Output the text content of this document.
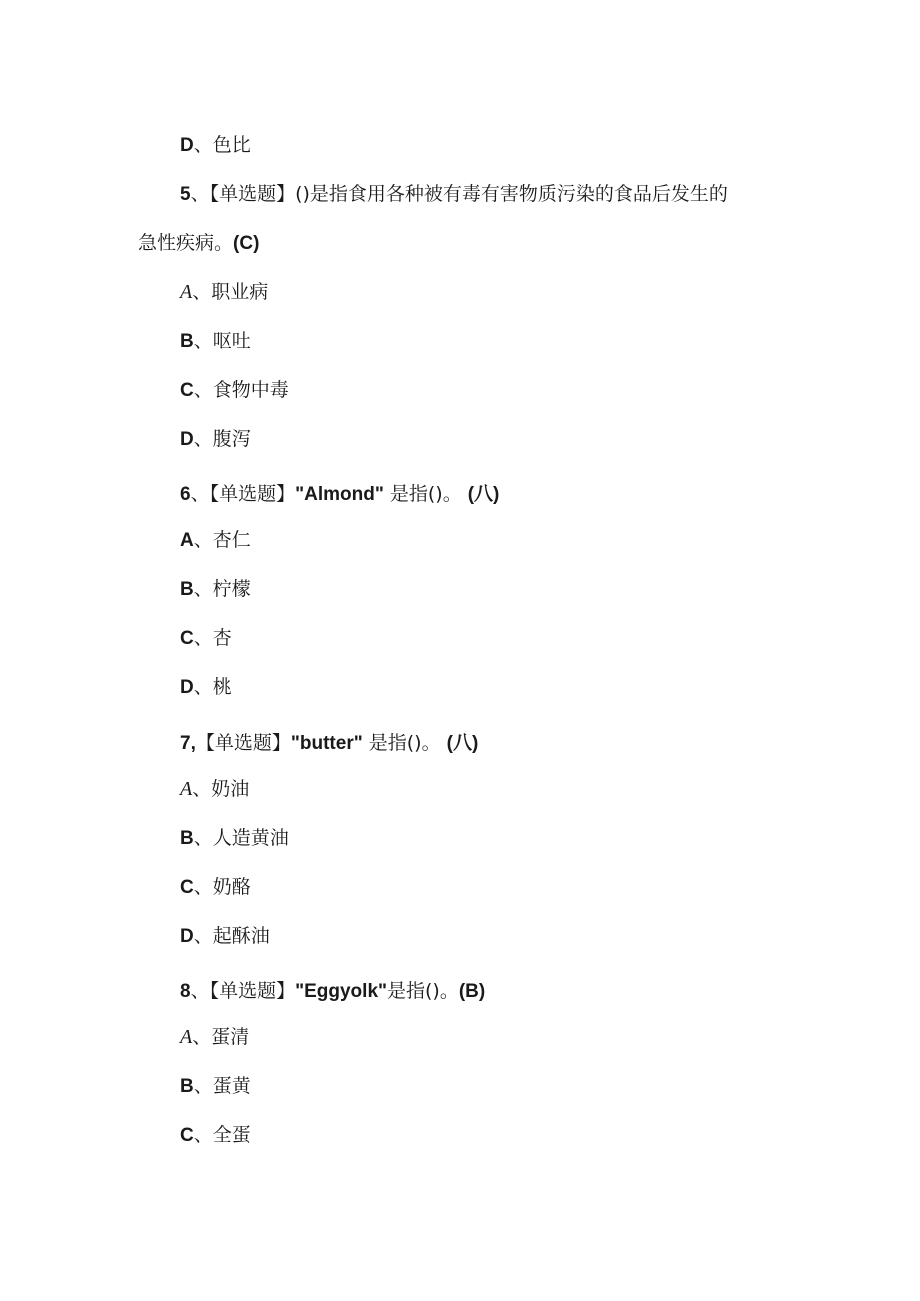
D、色比
5、【单选题】()是指食用各种被有毒有害物质污染的食品后发生的
急性疾病。(C)
A、职业病
B、呕吐
C、食物中毒
D、腹泻
6、【单选题】"Almond" 是指()。 (八)
A、杏仁
B、柠檬
C、杏
D、桃
7,【单选题】"butter" 是指()。 (八)
A、奶油
B、人造黄油
C、奶酪
D、起酥油
8、【单选题】"Eggyolk"是指()。(B)
A、蛋清
B、蛋黄
C、全蛋
